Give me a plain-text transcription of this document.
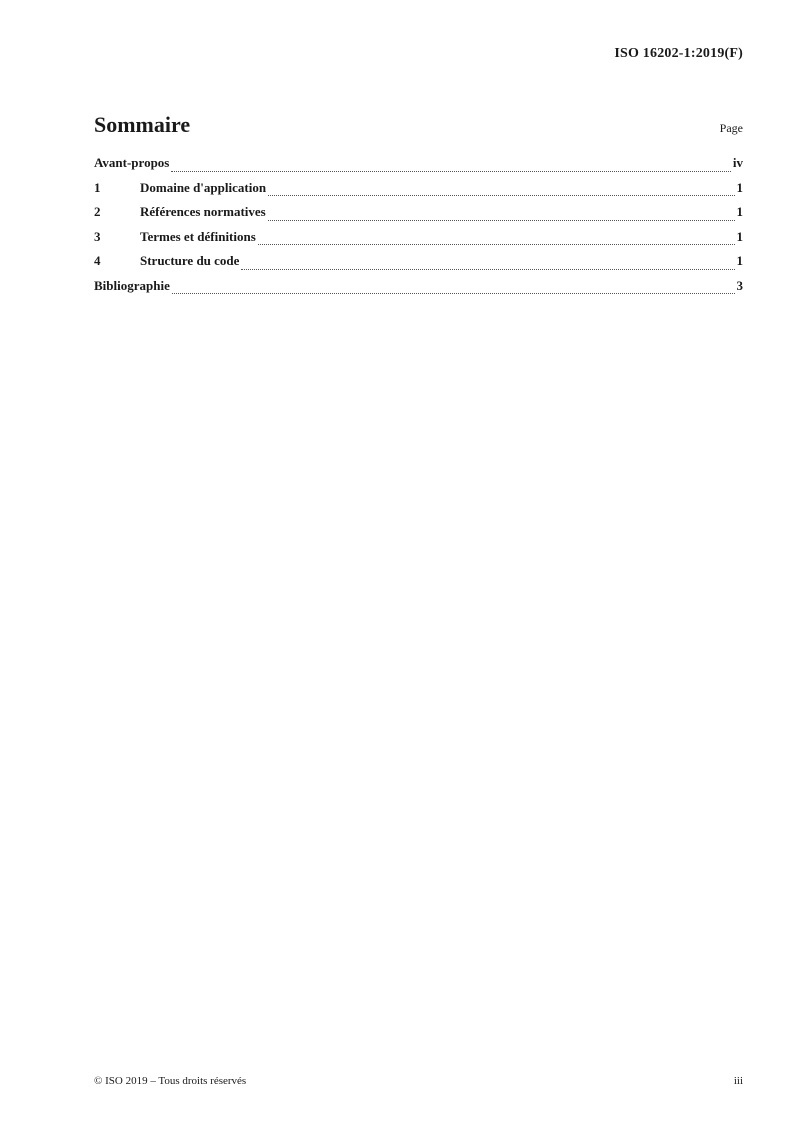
ISO 16202-1:2019(F)
Sommaire	Page
Avant-propos	iv
1	Domaine d'application	1
2	Références normatives	1
3	Termes et définitions	1
4	Structure du code	1
Bibliographie	3
© ISO 2019 – Tous droits réservés	iii
